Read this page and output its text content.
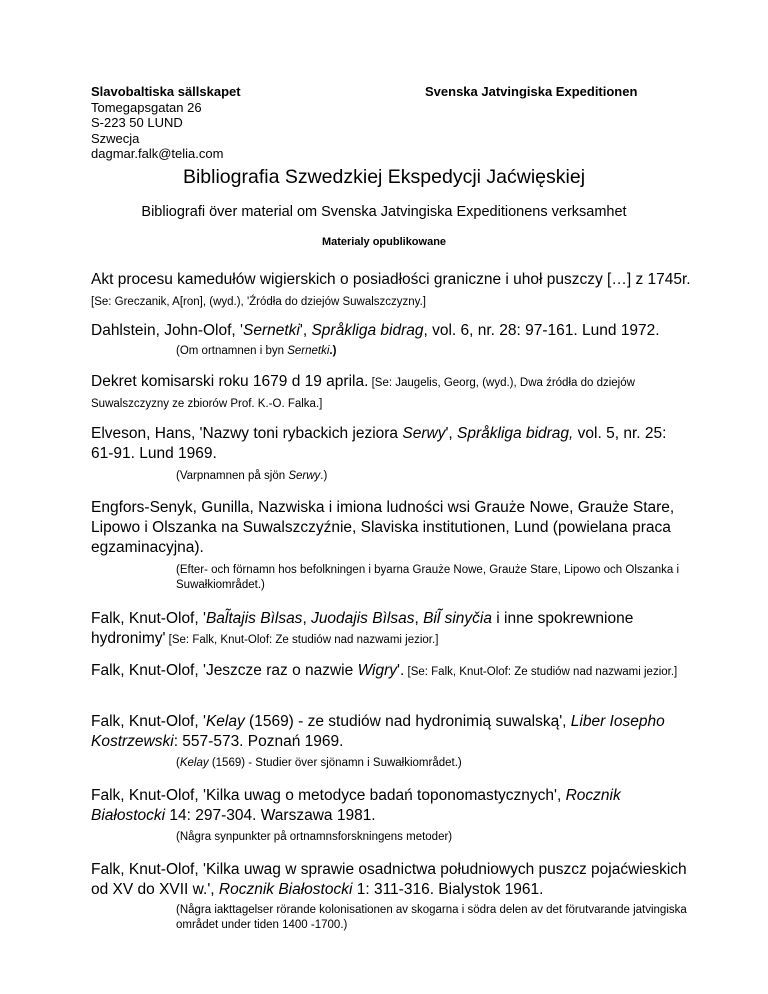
Slavobaltiska sällskapet
Tomegapsgatan 26
S-223 50 LUND
Szwecja
dagmar.falk@telia.com
Svenska Jatvingiska Expeditionen
Bibliografia Szwedzkiej Ekspedycji Jaćwięskiej
Bibliografi över material om Svenska Jatvingiska Expeditionens verksamhet
Materialy opublikowane
Akt procesu kamedułów wigierskich o posiadłości graniczne i uhoł puszczy […] z 1745r. [Se: Greczanik, A[ron], (wyd.), 'Źródła do dziejów Suwalszczyzny.]
Dahlstein, John-Olof, 'Sernetki', Språkliga bidrag, vol. 6, nr. 28: 97-161. Lund 1972.
(Om ortnamnen i byn Sernetki.)
Dekret komisarski roku 1679 d 19 aprila. [Se: Jaugelis, Georg, (wyd.), Dwa źródła do dziejów Suwalszczyzny ze zbiorów Prof. K.-O. Falka.]
Elveson, Hans, 'Nazwy toni rybackich jeziora Serwy', Språkliga bidrag, vol. 5, nr. 25: 61-91. Lund 1969.
(Varpnamnen på sjön Serwy.)
Engfors-Senyk, Gunilla, Nazwiska i imiona ludności wsi Graużе Nowe, Graużе Stare, Lipowo i Olszanka na Suwalszczyźnie, Slaviska institutionen, Lund (powielana praca egzaminacyjna).
(Efter- och förnamn hos befolkningen i byarna Graużе Nowe, Graużе Stare, Lipowo och Olszanka i Suwałkiområdet.)
Falk, Knut-Olof, 'Bal̃tajis Bìlsas, Juodajis Bìlsas, Bil̃ sinyčia i inne spokrewnione hydronimy' [Se: Falk, Knut-Olof: Ze studiów nad nazwami jezior.]
Falk, Knut-Olof, 'Jeszcze raz o nazwie Wigry'. [Se: Falk, Knut-Olof: Ze studiów nad nazwami jezior.]
Falk, Knut-Olof, 'Kelay (1569) - ze studiów nad hydronimią suwalską', Liber Iosepho Kostrzewski: 557-573. Poznań 1969.
(Kelay (1569) - Studier över sjönamn i Suwałkiområdet.)
Falk, Knut-Olof, 'Kilka uwag o metodyce badań toponomastycznych', Rocznik Białostocki 14: 297-304. Warszawa 1981.
(Några synpunkter på ortnamnsforskningens metoder)
Falk, Knut-Olof, 'Kilka uwag w sprawie osadnictwa południowych puszcz pojaćwieskich od XV do XVII w.', Rocznik Białostocki 1: 311-316. Bialystok 1961.
(Några iakttagelser rörande kolonisationen av skogarna i södra delen av det förutvarande jatvingiska området under tiden 1400 -1700.)
